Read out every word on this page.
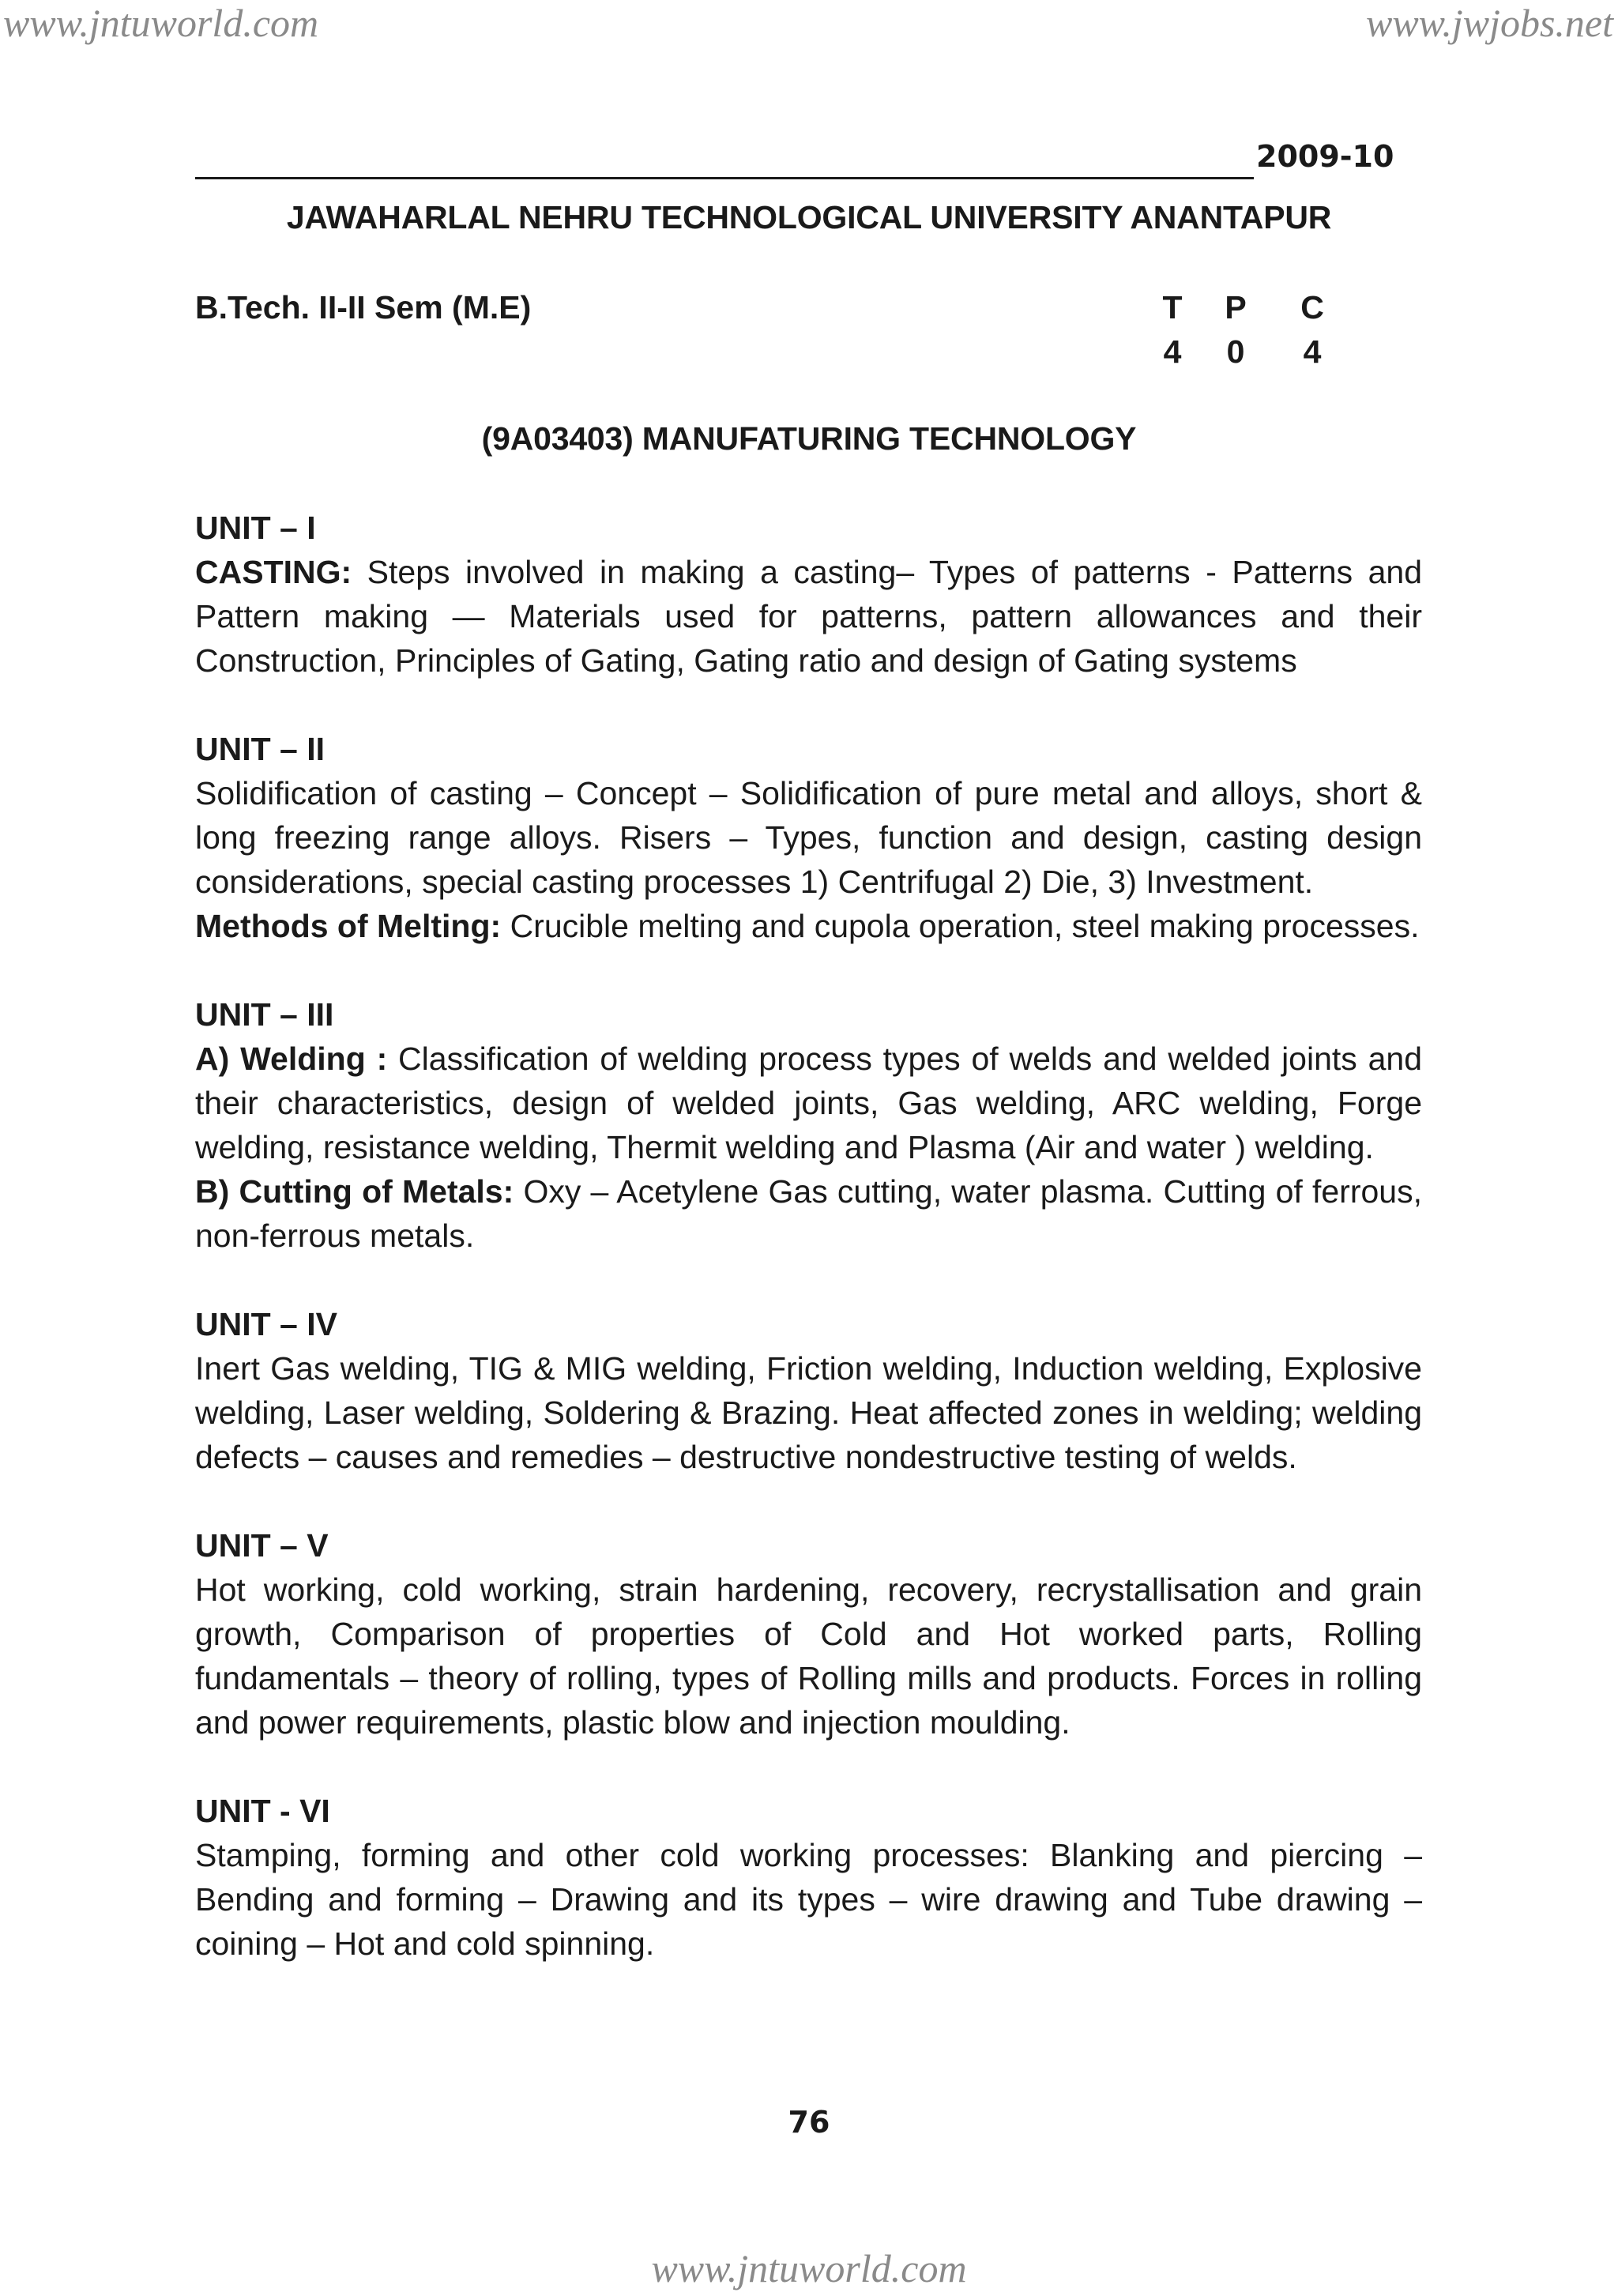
www.jntuworld.com	www.jwjobs.net
2009-10
JAWAHARLAL NEHRU TECHNOLOGICAL UNIVERSITY ANANTAPUR
B.Tech. II-II Sem (M.E)	T P C
4 0 4
(9A03403) MANUFATURING TECHNOLOGY
UNIT – I
CASTING: Steps involved in making a casting– Types of patterns - Patterns and Pattern making — Materials used for patterns, pattern allowances and their Construction, Principles of Gating, Gating ratio and design of Gating systems
UNIT – II
Solidification of casting – Concept – Solidification of pure metal and alloys, short & long freezing range alloys. Risers – Types, function and design, casting design considerations, special casting processes 1) Centrifugal 2) Die, 3) Investment.
Methods of Melting: Crucible melting and cupola operation, steel making processes.
UNIT – III
A) Welding : Classification of welding process types of welds and welded joints and their characteristics, design of welded joints, Gas welding, ARC welding, Forge welding, resistance welding, Thermit welding and Plasma (Air and water ) welding.
B) Cutting of Metals: Oxy – Acetylene Gas cutting, water plasma. Cutting of ferrous, non-ferrous metals.
UNIT – IV
Inert Gas welding, TIG & MIG welding, Friction welding, Induction welding, Explosive welding, Laser welding, Soldering & Brazing. Heat affected zones in welding; welding defects – causes and remedies – destructive nondestructive testing of welds.
UNIT – V
Hot working, cold working, strain hardening, recovery, recrystallisation and grain growth, Comparison of properties of Cold and Hot worked parts, Rolling fundamentals – theory of rolling, types of Rolling mills and products. Forces in rolling and power requirements, plastic blow and injection moulding.
UNIT - VI
Stamping, forming and other cold working processes: Blanking and piercing – Bending and forming – Drawing and its types – wire drawing and Tube drawing – coining – Hot and cold spinning.
76
www.jntuworld.com
